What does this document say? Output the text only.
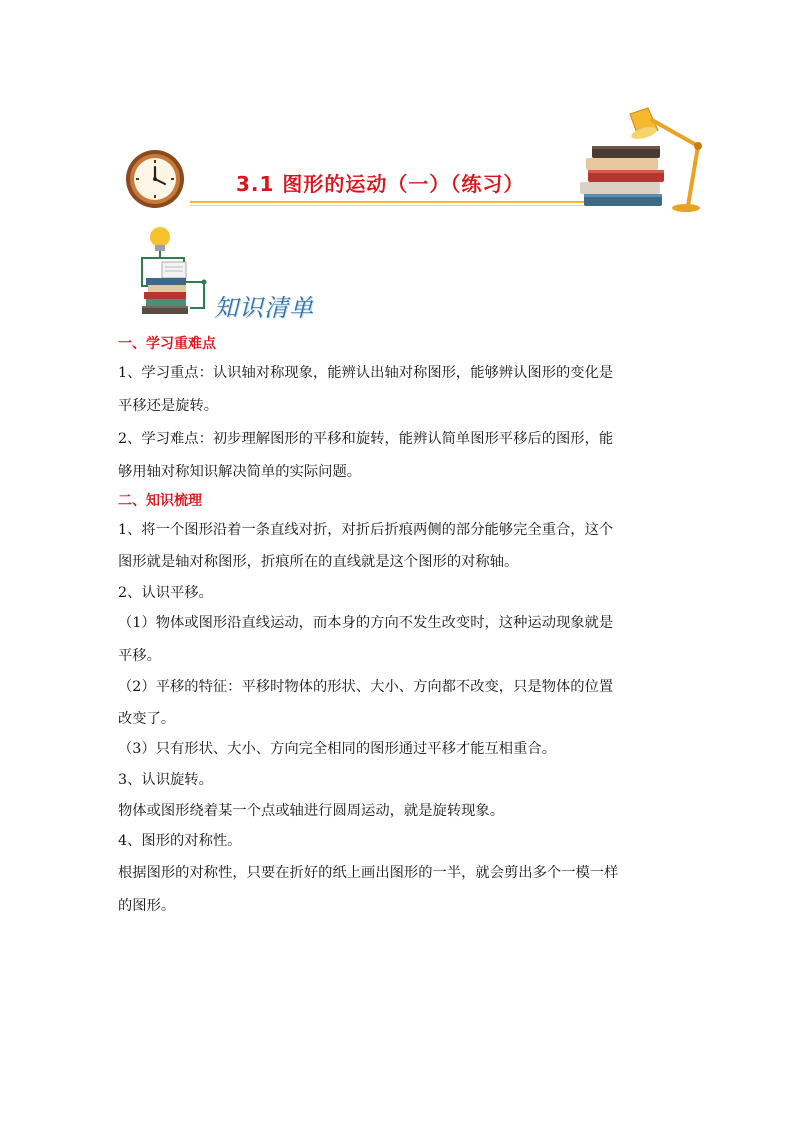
3.1 图形的运动（一）（练习）
知识清单
一、学习重难点
1、学习重点：认识轴对称现象，能辨认出轴对称图形，能够辨认图形的变化是
平移还是旋转。
2、学习难点：初步理解图形的平移和旋转，能辨认简单图形平移后的图形，能
够用轴对称知识解决简单的实际问题。
二、知识梳理
1、将一个图形沿着一条直线对折，对折后折痕两侧的部分能够完全重合，这个
图形就是轴对称图形，折痕所在的直线就是这个图形的对称轴。
2、认识平移。
（1）物体或图形沿直线运动，而本身的方向不发生改变时，这种运动现象就是
平移。
（2）平移的特征：平移时物体的形状、大小、方向都不改变，只是物体的位置
改变了。
（3）只有形状、大小、方向完全相同的图形通过平移才能互相重合。
3、认识旋转。
物体或图形绕着某一个点或轴进行圆周运动，就是旋转现象。
4、图形的对称性。
根据图形的对称性，只要在折好的纸上画出图形的一半，就会剪出多个一模一样
的图形。
